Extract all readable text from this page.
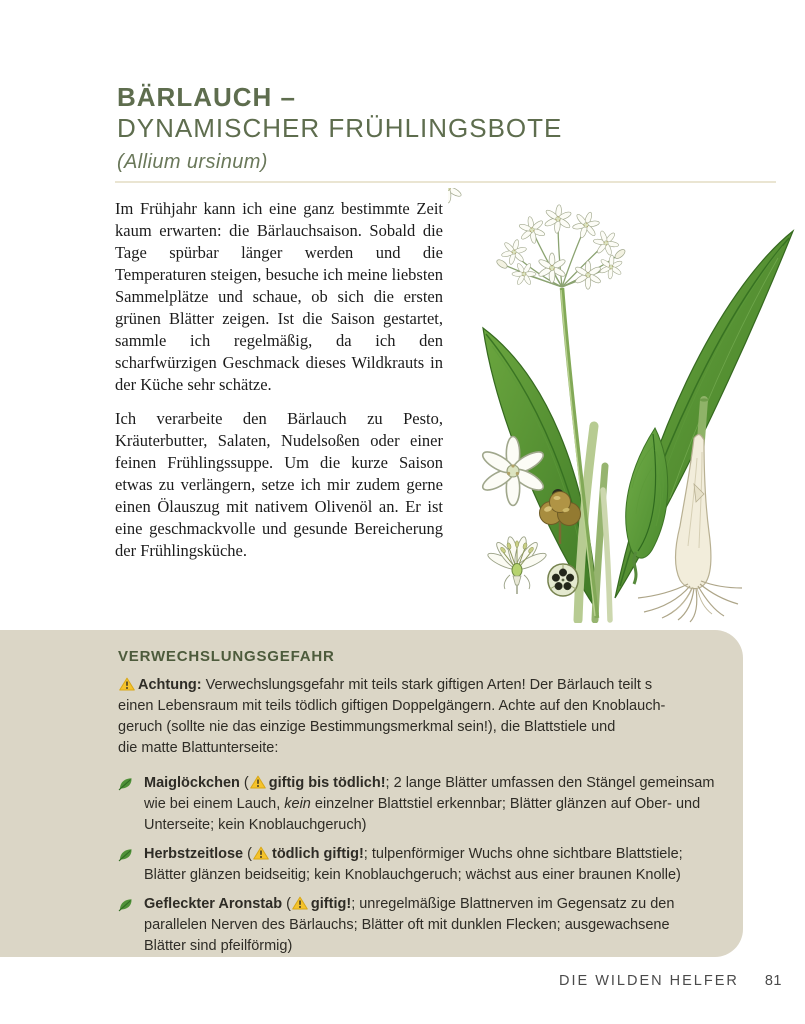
BÄRLAUCH –
DYNAMISCHER FRÜHLINGSBOTE
(Allium ursinum)

Im Frühjahr kann ich eine ganz bestimmte Zeit kaum erwarten: die Bärlauchsaison. Sobald die Tage spürbar länger werden und die Temperaturen steigen, besuche ich meine liebsten Sammelplätze und schaue, ob sich die ersten grünen Blätter zeigen. Ist die Saison gestartet, sammle ich regelmäßig, da ich den scharfwürzigen Geschmack dieses Wildkrauts in der Küche sehr schätze.

Ich verarbeite den Bärlauch zu Pesto, Kräuterbutter, Salaten, Nudelsoßen oder einer feinen Frühlingssuppe. Um die kurze Saison etwas zu verlängern, setze ich mir zudem gerne einen Ölauszug mit nativem Olivenöl an. Er ist eine geschmackvolle und gesunde Bereicherung der Frühlingsküche.

VERWECHSLUNGSGEFAHR
Achtung: Verwechslungsgefahr mit teils stark giftigen Arten! Der Bärlauch teilt s
einen Lebensraum mit teils tödlich giftigen Doppelgängern. Achte auf den Knoblauch-
geruch (sollte nie das einzige Bestimmungsmerkmal sein!), die Blattstiele und
die matte Blattunterseite:
Maiglöckchen ( giftig bis tödlich!; 2 lange Blätter umfassen den Stängel gemeinsam wie bei einem Lauch, kein einzelner Blattstiel erkennbar; Blätter glänzen auf Ober- und Unterseite; kein Knoblauchgeruch)
Herbstzeitlose ( tödlich giftig!; tulpenförmiger Wuchs ohne sichtbare Blattstiele; Blätter glänzen beidseitig; kein Knoblauchgeruch; wächst aus einer braunen Knolle)
Gefleckter Aronstab ( giftig!; unregelmäßige Blattnerven im Gegensatz zu den parallelen Nerven des Bärlauchs; Blätter oft mit dunklen Flecken; ausgewachsene Blätter sind pfeilförmig)
DIE WILDEN HELFER 81
